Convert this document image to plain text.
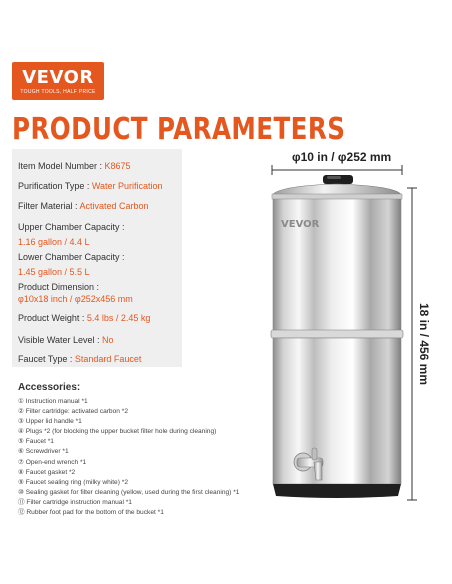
VEVOR
TOUGH TOOLS, HALF PRICE
PRODUCT PARAMETERS
Item Model Number : K8675
Purification Type : Water Purification
Filter Material : Activated Carbon
Upper Chamber Capacity :
1.16 gallon / 4.4 L
Lower Chamber Capacity :
1.45 gallon / 5.5 L
Product Dimension :
φ10x18 inch / φ252x456 mm
Product Weight : 5.4 lbs / 2.45 kg
Visible Water Level : No
Faucet Type : Standard Faucet
Accessories:
① Instruction manual *1
② Filter cartridge: activated carbon *2
③ Upper lid handle *1
④ Plugs *2 (for blocking the upper bucket filter hole during cleaning)
⑤ Faucet *1
⑥ Screwdriver *1
⑦ Open-end wrench *1
⑧ Faucet gasket *2
⑨ Faucet sealing ring (milky white) *2
⑩ Sealing gasket for filter cleaning (yellow, used during the first cleaning) *1
⑪ Filter cartridge instruction manual *1
⑫ Rubber foot pad for the bottom of the bucket *1
φ10 in / φ252 mm
18 in / 456 mm
VEVOR
